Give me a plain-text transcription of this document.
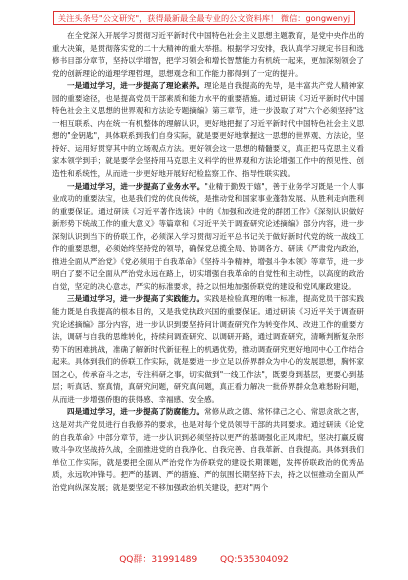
关注头条号"公文研究"，获得最新最全最专业的公文资料库！ 微信：gongwenyj

在全党深入开展学习贯彻习近平新时代中国特色社会主义思想主题教育，是党中央作出的重大决策，是贯彻落实党的二十大精神的重大举措。根据学习安排，我认真学习规定书目和选修书目部分章节，坚持以学增智，把学习领会和增长智慧能力有机统一起来，更加深刻领会了党的创新理论的道理学理哲理，思想观念和工作能力都得到了一定的提升。

一是通过学习，进一步提高了理论素养。理论是自我提高的先导，是丰富共产党人精神家园的重要途径，也是提高党员干部素质和能力水平的重要措施。通过研读《习近平新时代中国特色社会主义思想的世界观和方法论专题摘编》第三章节，进一步汲取了对"六个必须坚持"这一相互联系、内在统一有机整体的理解认识，更好地把握了习近平新时代中国特色社会主义思想的"金钥匙"，具体联系到我们自身实际，就是要更好地掌握这一思想的世界观、方法论，坚持好、运用好贯穿其中的立场观点方法。更好领会这一思想的精髓要义，真正把马克思主义看家本领学到手；就是要学会坚持用马克思主义科学的世界观和方法论增强工作中的预见性、创造性和系统性，从而进一步更好地开展好纪检监察工作、指导性联实践。

一是通过学习，进一步提高了业务水平。"业精于勤毁于嬉"，善于业务学习既是一个人事业成功的重要法宝，也是我们党的优良传统，是推动党和国家事业蓬勃发展、从胜利走向胜利的重要保证。通过研读《习近平著作选读》中的《加强和改进党的群团工作》《深刻认识做好新形势下统战工作的重大意义》等篇章和《习近平关于调查研究论述摘编》部分内容，进一步深刻认识到当下的侨联工作，必须深入学习贯彻习近平总书记关于做好新时代党的统一战线工作的重要思想，必须始终坚持党的领导，确保党总揽全局、协调各方、研读《严肃党内政治，推进全面从严治党》《党必须用于自我革命》《坚持斗争精神，增强斗争本领》等章节，进一步明白了要不记全面从严治党永远在路上，切实增强自我革命的自觉性和主动性，以高度的政治自觉，坚定的决心意志，严实的标准要求，持之以恒地加强侨联党的建设和党风廉政建设。

三是通过学习，进一步提高了实践能力。实践是检验真理的唯一标准，提高党员干部实践能力既是自我提高的根本目的，又是我党执政兴国的重要保证。通过研读《习近平关于调查研究论述摘编》部分内容，进一步认识到要坚持问计调查研究作为转变作风、改进工作的重要方法，调研与自我的思维转化，持续问调查研究、以调研开路，通过调查研究，清晰判断复杂形势下的困难挑战，准确了解新时代新征程上的机遇优势，推动调查研究更好地同中心工作结合起来。具体到我们的侨联工作实际，就是要进一步立足以侨界群众为中心的发展思想，胸怀家国之心，传承奋斗之志，专注科研之事，切实做到"一线工作法"，既要身到基层，更要心到基层；听真话、察真情，真研究问题，研究真问题，真正看力解决一批侨界群众急难愁盼问题，从而进一步增强侨胞的获得感、幸福感、安全感。

四是通过学习，进一步提高了防腐能力。常修从政之德、常怀律己之心、常思贪欲之害，这是对共产党员进行自我修养的要求，也是对每个党员领导干部的共同要求。通过研读《论党的自我革命》中部分章节，进一步认识到必须坚持以更严的基调强化正风肃纪，坚决打赢反腐败斗争攻坚战持久战，全面推进党的自我净化、自我完善、自我革新、自我提高。具体到我们单位工作实际，就是要把全面从严治党作为侨联党的建设长期课题，发挥侨联政治的优秀品质，永远吹冲锋号。把严的基调、严的措施、严的氛围长期坚持下去，持之以恒推动全面从严治党向纵深发展；就是要坚定不移加强政治机关建设，把对"两个

QQ群：31991489	QQ:535304092
